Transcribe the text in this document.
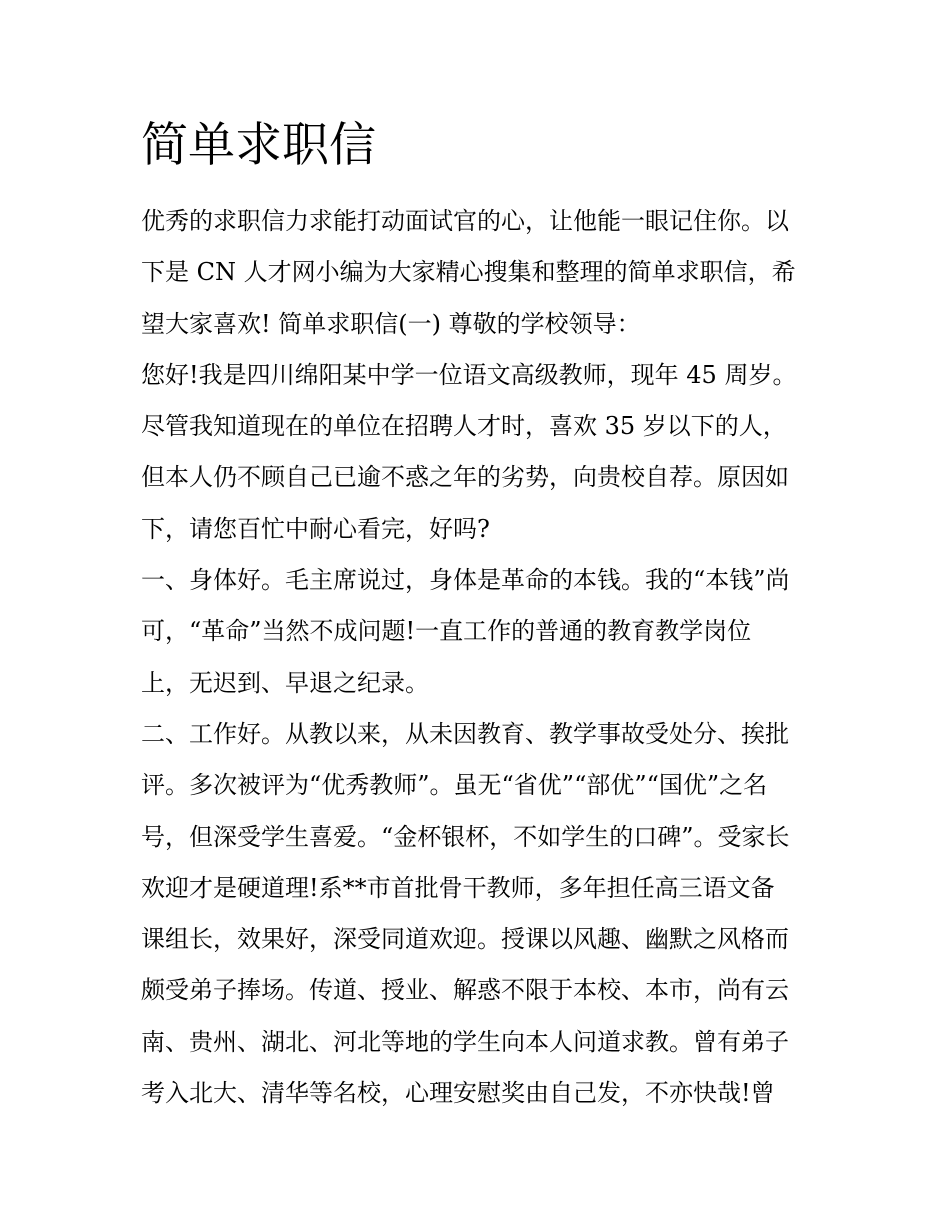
简单求职信
优秀的求职信力求能打动面试官的心，让他能一眼记住你。以
下是 CN 人才网小编为大家精心搜集和整理的简单求职信，希
望大家喜欢! 简单求职信(一) 尊敬的学校领导：
您好!我是四川绵阳某中学一位语文高级教师，现年 45 周岁。
尽管我知道现在的单位在招聘人才时，喜欢 35 岁以下的人，
但本人仍不顾自己已逾不惑之年的劣势，向贵校自荐。原因如
下，请您百忙中耐心看完，好吗?
一、身体好。毛主席说过，身体是革命的本钱。我的“本钱”尚
可，“革命”当然不成问题!一直工作的普通的教育教学岗位
上，无迟到、早退之纪录。
二、工作好。从教以来，从未因教育、教学事故受处分、挨批
评。多次被评为“优秀教师”。虽无“省优”“部优”“国优”之名
号，但深受学生喜爱。“金杯银杯，不如学生的口碑”。受家长
欢迎才是硬道理!系**市首批骨干教师，多年担任高三语文备
课组长，效果好，深受同道欢迎。授课以风趣、幽默之风格而
颇受弟子捧场。传道、授业、解惑不限于本校、本市，尚有云
南、贵州、湖北、河北等地的学生向本人问道求教。曾有弟子
考入北大、清华等名校，心理安慰奖由自己发，不亦快哉!曾
